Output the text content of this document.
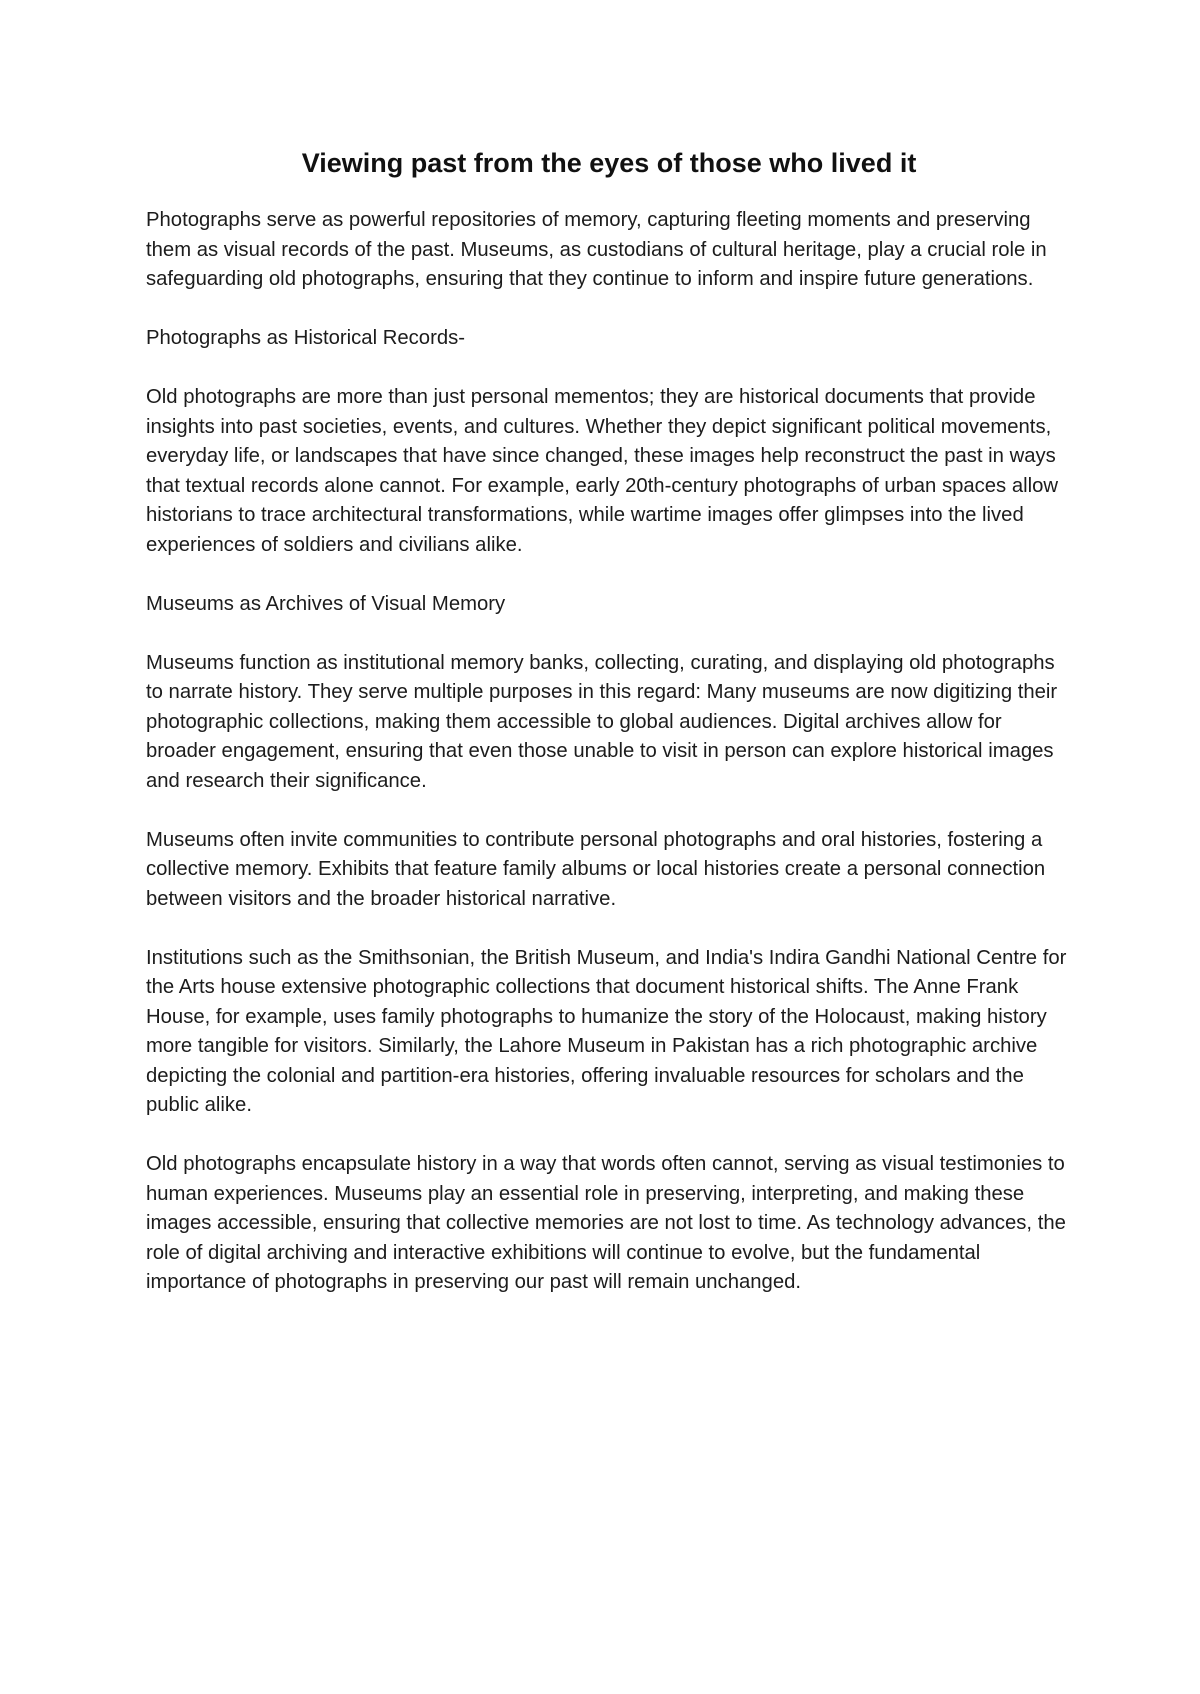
Viewing past from the eyes of those who lived it

Photographs serve as powerful repositories of memory, capturing fleeting moments and preserving them as visual records of the past. Museums, as custodians of cultural heritage, play a crucial role in safeguarding old photographs, ensuring that they continue to inform and inspire future generations.

Photographs as Historical Records-

Old photographs are more than just personal mementos; they are historical documents that provide insights into past societies, events, and cultures. Whether they depict significant political movements, everyday life, or landscapes that have since changed, these images help reconstruct the past in ways that textual records alone cannot. For example, early 20th-century photographs of urban spaces allow historians to trace architectural transformations, while wartime images offer glimpses into the lived experiences of soldiers and civilians alike.

Museums as Archives of Visual Memory

Museums function as institutional memory banks, collecting, curating, and displaying old photographs to narrate history. They serve multiple purposes in this regard: Many museums are now digitizing their photographic collections, making them accessible to global audiences. Digital archives allow for broader engagement, ensuring that even those unable to visit in person can explore historical images and research their significance.

Museums often invite communities to contribute personal photographs and oral histories, fostering a collective memory. Exhibits that feature family albums or local histories create a personal connection between visitors and the broader historical narrative.

Institutions such as the Smithsonian, the British Museum, and India's Indira Gandhi National Centre for the Arts house extensive photographic collections that document historical shifts. The Anne Frank House, for example, uses family photographs to humanize the story of the Holocaust, making history more tangible for visitors. Similarly, the Lahore Museum in Pakistan has a rich photographic archive depicting the colonial and partition-era histories, offering invaluable resources for scholars and the public alike.

Old photographs encapsulate history in a way that words often cannot, serving as visual testimonies to human experiences. Museums play an essential role in preserving, interpreting, and making these images accessible, ensuring that collective memories are not lost to time. As technology advances, the role of digital archiving and interactive exhibitions will continue to evolve, but the fundamental importance of photographs in preserving our past will remain unchanged.
